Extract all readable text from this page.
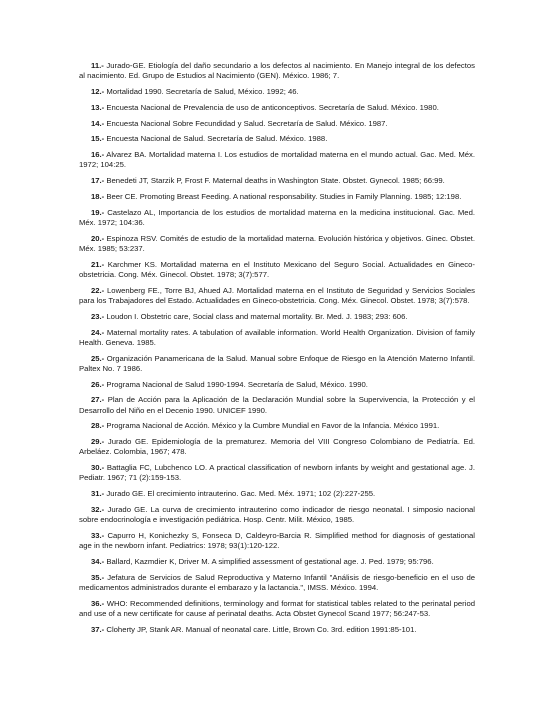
11.- Jurado-GE. Etiología del daño secundario a los defectos al nacimiento. En Manejo integral de los defectos al nacimiento. Ed. Grupo de Estudios al Nacimiento (GEN). México. 1986; 7.

12.- Mortalidad 1990. Secretaría de Salud, México. 1992; 46.

13.- Encuesta Nacional de Prevalencia de uso de anticonceptivos. Secretaría de Salud. México. 1980.

14.- Encuesta Nacional Sobre Fecundidad y Salud. Secretaría de Salud. México. 1987.

15.- Encuesta Nacional de Salud. Secretaría de Salud. México. 1988.

16.- Alvarez BA. Mortalidad materna I. Los estudios de mortalidad materna en el mundo actual. Gac. Med. Méx. 1972; 104:25.

17.- Benedeti JT, Starzik P, Frost F. Maternal deaths in Washington State. Obstet. Gynecol. 1985; 66:99.

18.- Beer CE. Promoting Breast Feeding. A national responsability. Studies in Family Planning. 1985; 12:198.

19.- Castelazo AL, Importancia de los estudios de mortalidad materna en la medicina institucional. Gac. Med. Méx. 1972; 104:36.

20.- Espinoza RSV. Comités de estudio de la mortalidad materna. Evolución histórica y objetivos. Ginec. Obstet. Méx. 1985; 53:237.

21.- Karchmer KS. Mortalidad materna en el Instituto Mexicano del Seguro Social. Actualidades en Gineco-obstetricia. Cong. Méx. Ginecol. Obstet. 1978; 3(7):577.

22.- Lowenberg FE., Torre BJ, Ahued AJ. Mortalidad materna en el Instituto de Seguridad y Servicios Sociales para los Trabajadores del Estado. Actualidades en Gineco-obstetricia. Cong. Méx. Ginecol. Obstet. 1978; 3(7):578.

23.- Loudon I. Obstetric care, Social class and maternal mortality. Br. Med. J. 1983; 293: 606.

24.- Maternal mortality rates. A tabulation of available information. World Health Organization. Division of family Health. Geneva. 1985.

25.- Organización Panamericana de la Salud. Manual sobre Enfoque de Riesgo en la Atención Materno Infantil. Paltex No. 7 1986.

26.- Programa Nacional de Salud 1990-1994. Secretaría de Salud, México. 1990.

27.- Plan de Acción para la Aplicación de la Declaración Mundial sobre la Supervivencia, la Protección y el Desarrollo del Niño en el Decenio 1990. UNICEF 1990.

28.- Programa Nacional de Acción. México y la Cumbre Mundial en Favor de la Infancia. México 1991.

29.- Jurado GE. Epidemiología de la prematurez. Memoria del VIII Congreso Colombiano de Pediatría. Ed. Arbeláez. Colombia, 1967; 478.

30.- Battaglia FC, Lubchenco LO. A practical classification of newborn infants by weight and gestational age. J. Pediatr. 1967; 71 (2):159-153.

31.- Jurado GE. El crecimiento intrauterino. Gac. Med. Méx. 1971; 102 (2):227-255.

32.- Jurado GE. La curva de crecimiento intrauterino como indicador de riesgo neonatal. I simposio nacional sobre endocrinología e investigación pediátrica. Hosp. Centr. Milit. México, 1985.

33.- Capurro H, Konichezky S, Fonseca D, Caldeyro-Barcia R. Simplified method for diagnosis of gestational age in the newborn infant. Pediatrics: 1978; 93(1):120-122.

34.- Ballard, Kazmdier K, Driver M. A simplified assessment of gestational age. J. Ped. 1979; 95:796.

35.- Jefatura de Servicios de Salud Reproductiva y Materno Infantil "Análisis de riesgo-beneficio en el uso de medicamentos administrados durante el embarazo y la lactancia.", IMSS. México. 1994.

36.- WHO: Recommended definitions, terminology and format for statistical tables related to the perinatal period and use of a new certificate for cause af perinatal deaths. Acta Obstet Gynecol Scand 1977; 56:247-53.

37.- Cloherty JP, Stank AR. Manual of neonatal care. Little, Brown Co. 3rd. edition 1991:85-101.
